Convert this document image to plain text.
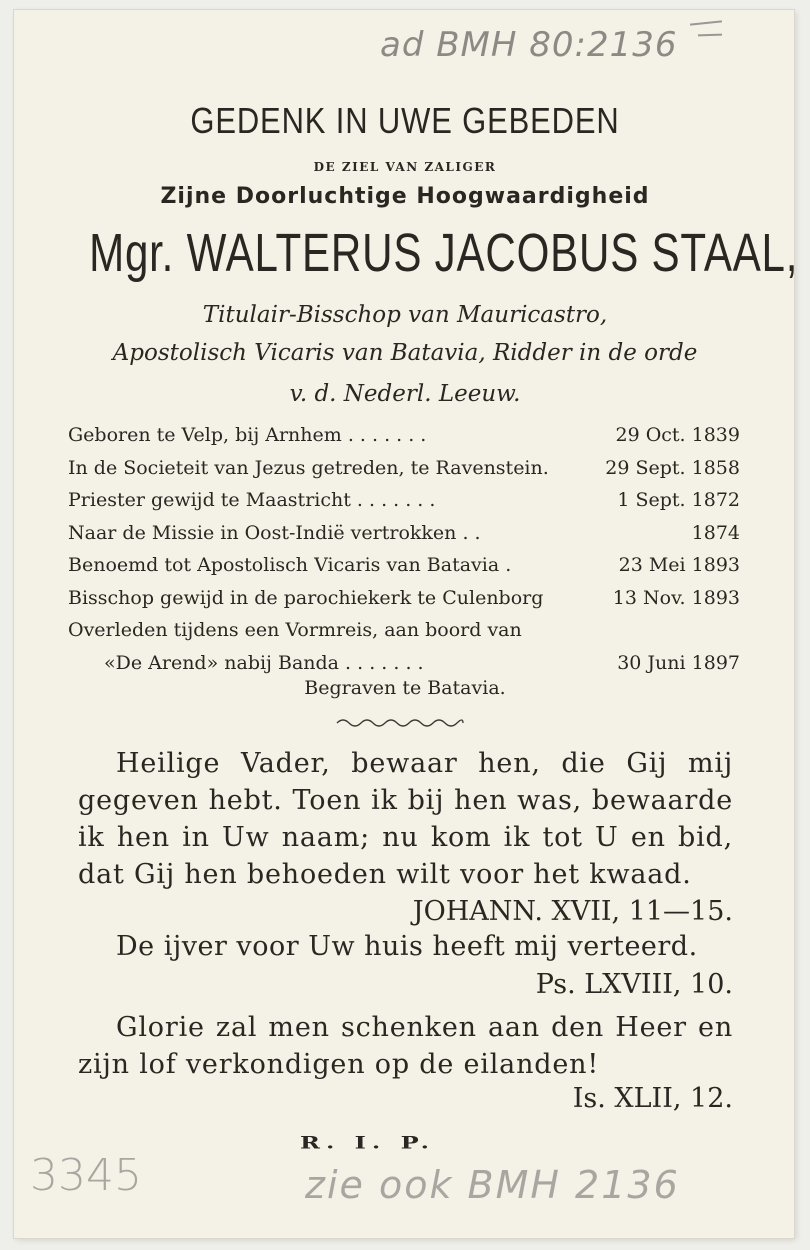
ad BMH 80:2136
GEDENK IN UWE GEBEDEN
DE ZIEL VAN ZALIGER
Zijne Doorluchtige Hoogwaardigheid
Mgr. WALTERUS JACOBUS STAAL,
Titulair-Bisschop van Mauricastro,
Apostolisch Vicaris van Batavia, Ridder in de orde
v. d. Nederl. Leeuw.
Geboren te Velp, bij Arnhem . . . . . . .	29 Oct. 1839
In de Societeit van Jezus getreden, te Ravenstein.	29 Sept. 1858
Priester gewijd te Maastricht . . . . . . .	1 Sept. 1872
Naar de Missie in Oost-Indië vertrokken . .	1874
Benoemd tot Apostolisch Vicaris van Batavia .	23 Mei 1893
Bisschop gewijd in de parochiekerk te Culenborg	13 Nov. 1893
Overleden tijdens een Vormreis, aan boord van
«De Arend» nabij Banda . . . . . . .	30 Juni 1897
Begraven te Batavia.
Heilige Vader, bewaar hen, die Gij mij gegeven hebt. Toen ik bij hen was, bewaarde ik hen in Uw naam; nu kom ik tot U en bid, dat Gij hen behoeden wilt voor het kwaad.
JOHANN. XVII, 11—15.
De ijver voor Uw huis heeft mij verteerd.
Ps. LXVIII, 10.
Glorie zal men schenken aan den Heer en zijn lof verkondigen op de eilanden!
Is. XLII, 12.
R. I. P.
3345	zie ook BMH 2136
